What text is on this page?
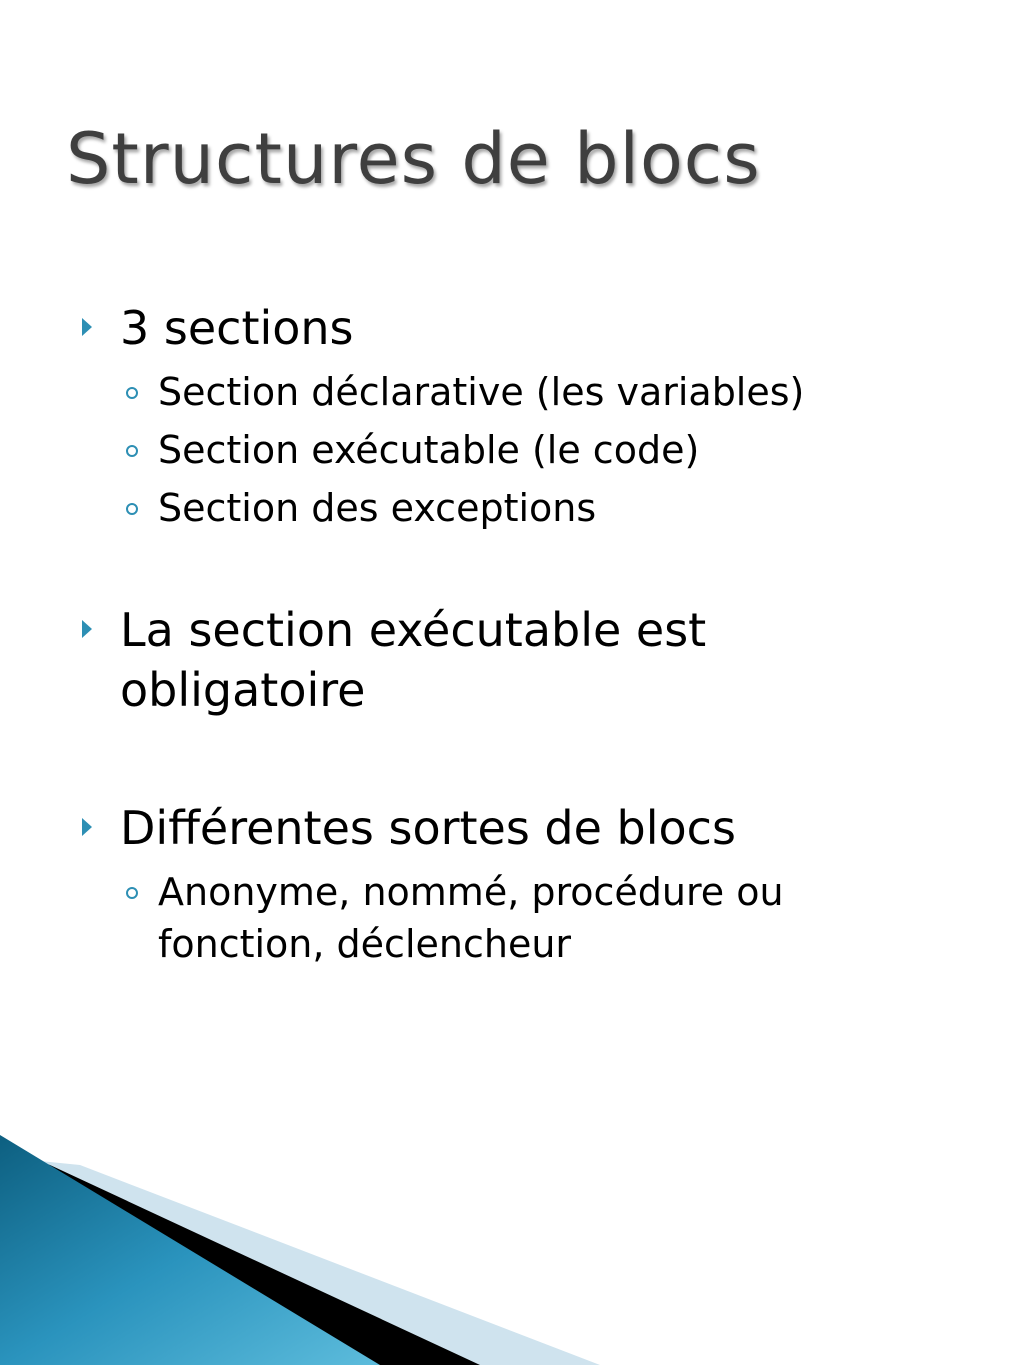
Structures de blocs
3 sections
Section déclarative (les variables)
Section exécutable (le code)
Section des exceptions
La section exécutable est obligatoire
Différentes sortes de blocs
Anonyme, nommé, procédure ou fonction, déclencheur
